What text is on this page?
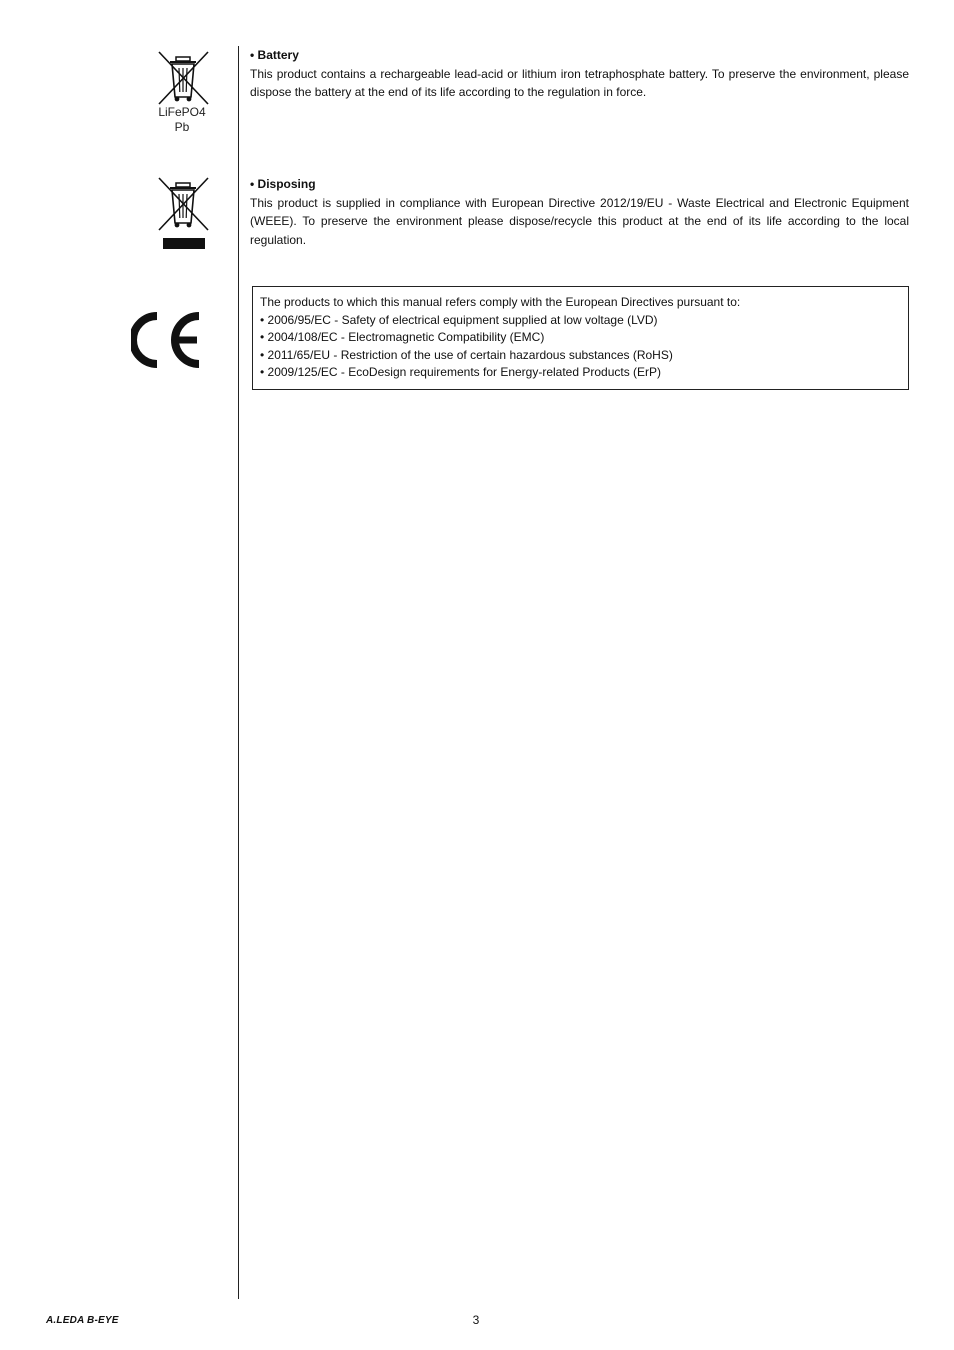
LiFePO4
Pb

• Battery

This product contains a rechargeable lead-acid or lithium iron tetraphosphate battery. To preserve the environment, please dispose the battery at the end of its life according to the regulation in force.

• Disposing

This product is supplied in compliance with European Directive 2012/19/EU - Waste Electrical and Electronic Equipment (WEEE). To preserve the environment please dispose/recycle this product at the end of its life according to the local regulation.

The products to which this manual refers comply with the European Directives pursuant to:

• 2006/95/EC - Safety of electrical equipment supplied at low voltage (LVD)
• 2004/108/EC - Electromagnetic Compatibility (EMC)
• 2011/65/EU - Restriction of the use of certain hazardous substances (RoHS)
• 2009/125/EC - EcoDesign requirements for Energy-related Products (ErP)
A.LEDA B-EYE	3
